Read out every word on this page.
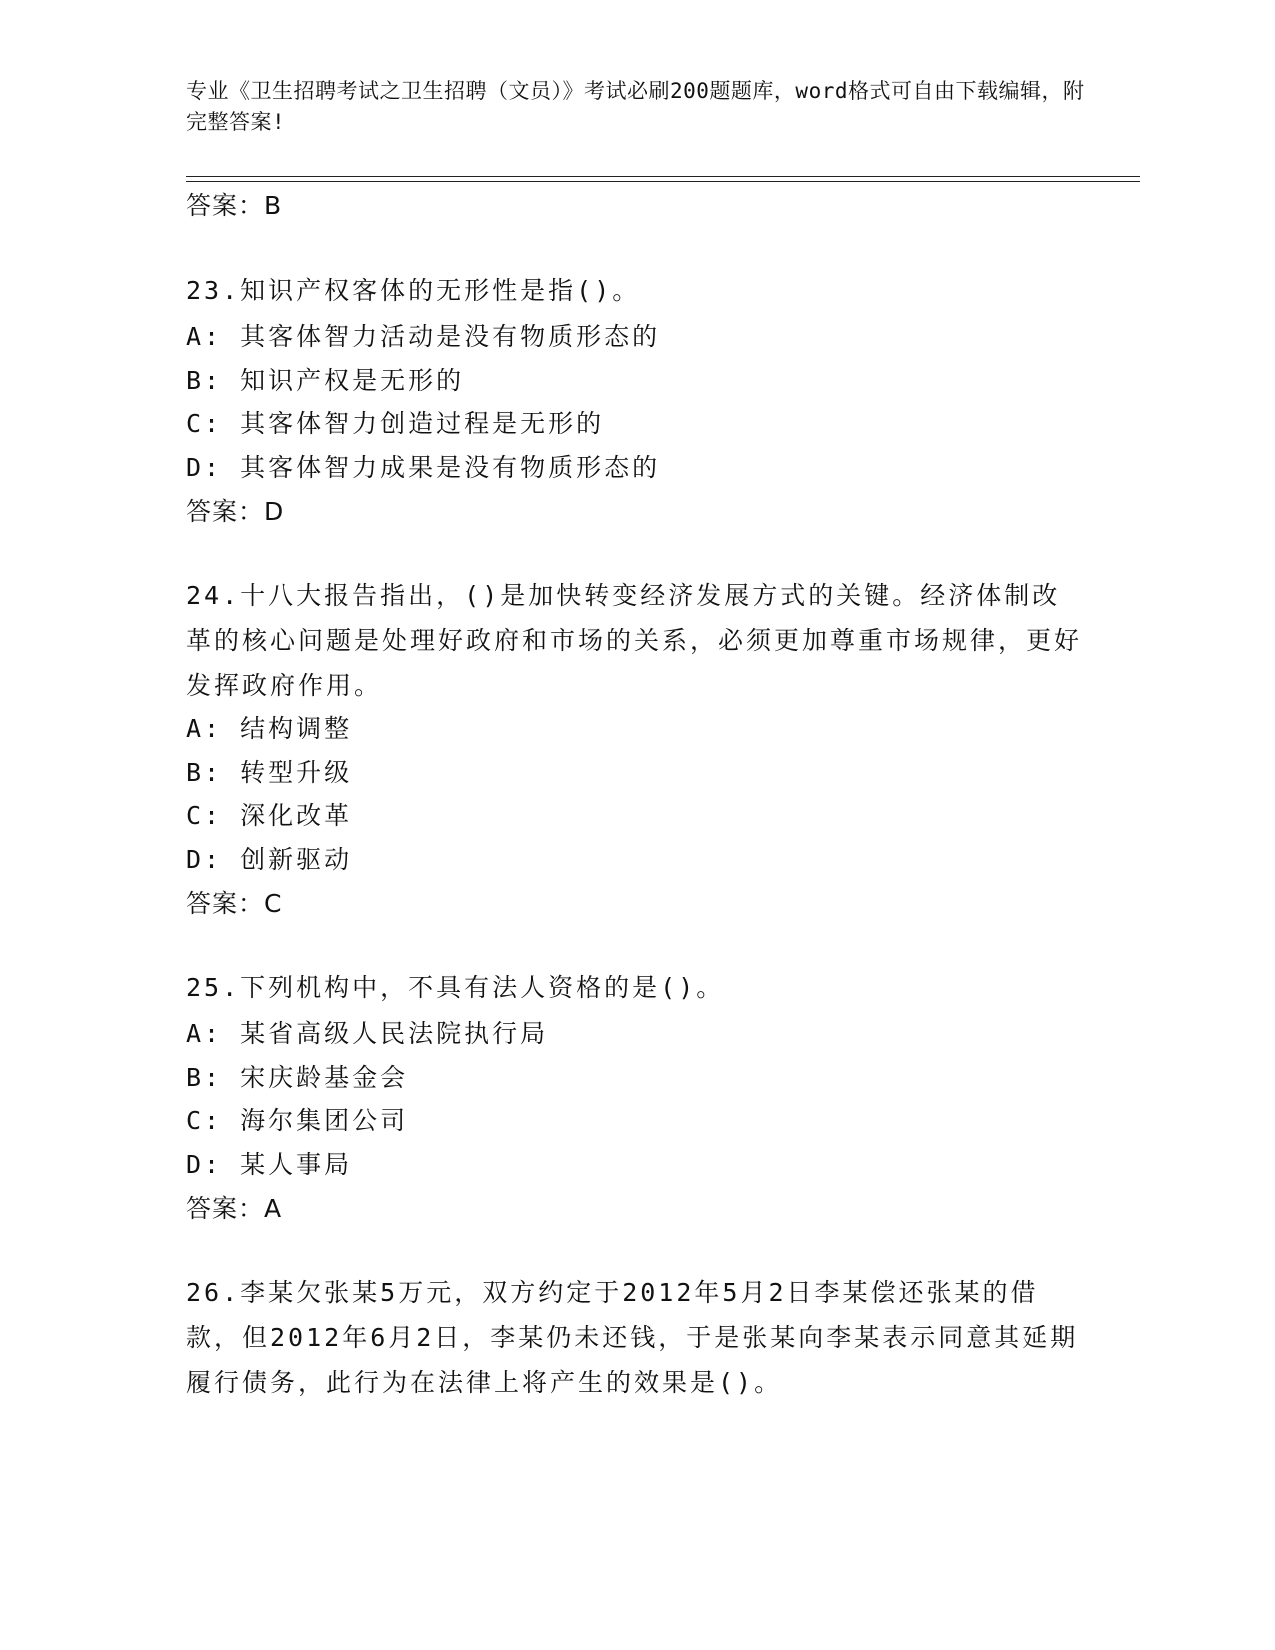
专业《卫生招聘考试之卫生招聘（文员）》考试必刷200题题库，word格式可自由下载编辑，附完整答案!
答案：B
23.知识产权客体的无形性是指()。
A: 其客体智力活动是没有物质形态的
B: 知识产权是无形的
C: 其客体智力创造过程是无形的
D: 其客体智力成果是没有物质形态的
答案：D
24.十八大报告指出，()是加快转变经济发展方式的关键。经济体制改革的核心问题是处理好政府和市场的关系，必须更加尊重市场规律，更好发挥政府作用。
A: 结构调整
B: 转型升级
C: 深化改革
D: 创新驱动
答案：C
25.下列机构中，不具有法人资格的是()。
A: 某省高级人民法院执行局
B: 宋庆龄基金会
C: 海尔集团公司
D: 某人事局
答案：A
26.李某欠张某5万元，双方约定于2012年5月2日李某偿还张某的借款，但2012年6月2日，李某仍未还钱，于是张某向李某表示同意其延期履行债务，此行为在法律上将产生的效果是()。
